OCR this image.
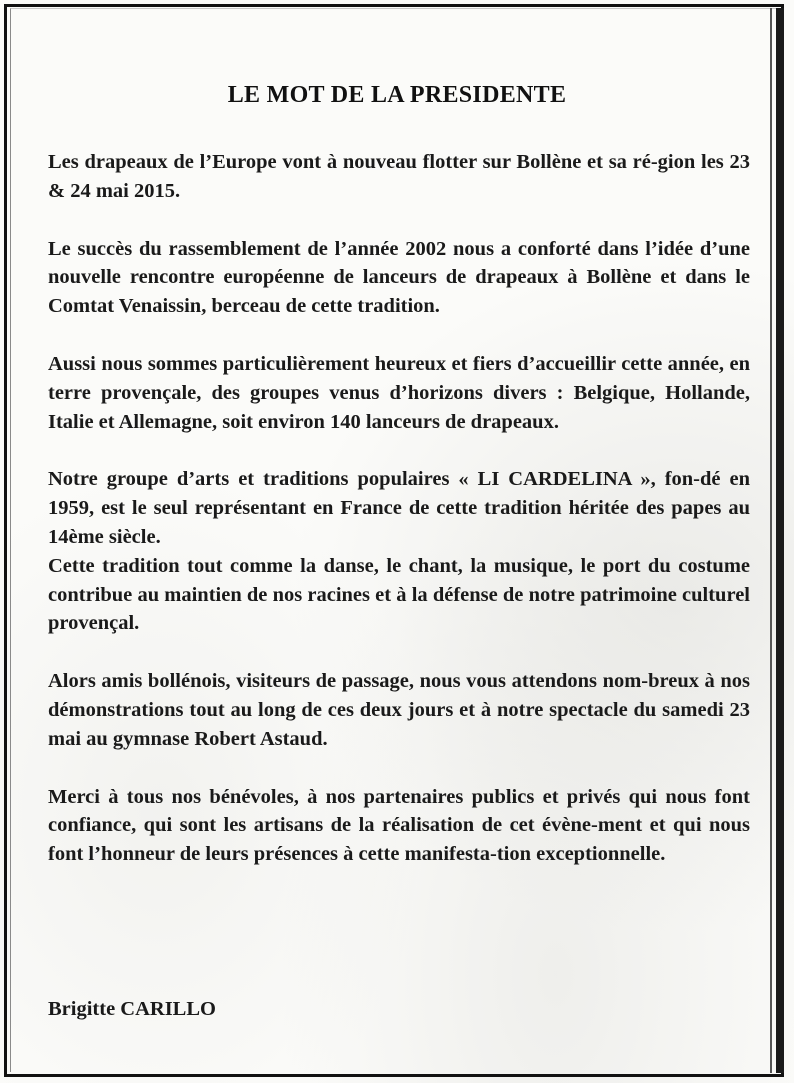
LE MOT DE LA PRESIDENTE

Les drapeaux de l’Europe vont à nouveau flotter sur Bollène et sa ré-gion les 23 & 24 mai 2015.

Le succès du rassemblement de l’année 2002 nous a conforté dans l’idée d’une nouvelle rencontre européenne de lanceurs de drapeaux à Bollène et dans le Comtat Venaissin, berceau de cette tradition.

Aussi nous sommes particulièrement heureux et fiers d’accueillir cette année, en terre provençale, des groupes venus d’horizons divers : Belgique, Hollande, Italie et Allemagne, soit environ 140 lanceurs de drapeaux.

Notre groupe d’arts et traditions populaires « LI CARDELINA », fon-dé en 1959, est le seul représentant en France de cette tradition héritée des papes au 14ème siècle.

Cette tradition tout comme la danse, le chant, la musique, le port du costume contribue au maintien de nos racines et à la défense de notre patrimoine culturel provençal.

Alors amis bollénois, visiteurs de passage, nous vous attendons nom-breux à nos démonstrations tout au long de ces deux jours et à notre spectacle du samedi 23 mai au gymnase Robert Astaud.

Merci à tous nos bénévoles, à nos partenaires publics et privés qui nous font confiance, qui sont les artisans de la réalisation de cet évène-ment et qui nous font l’honneur de leurs présences à cette manifesta-tion exceptionnelle.

Brigitte CARILLO
